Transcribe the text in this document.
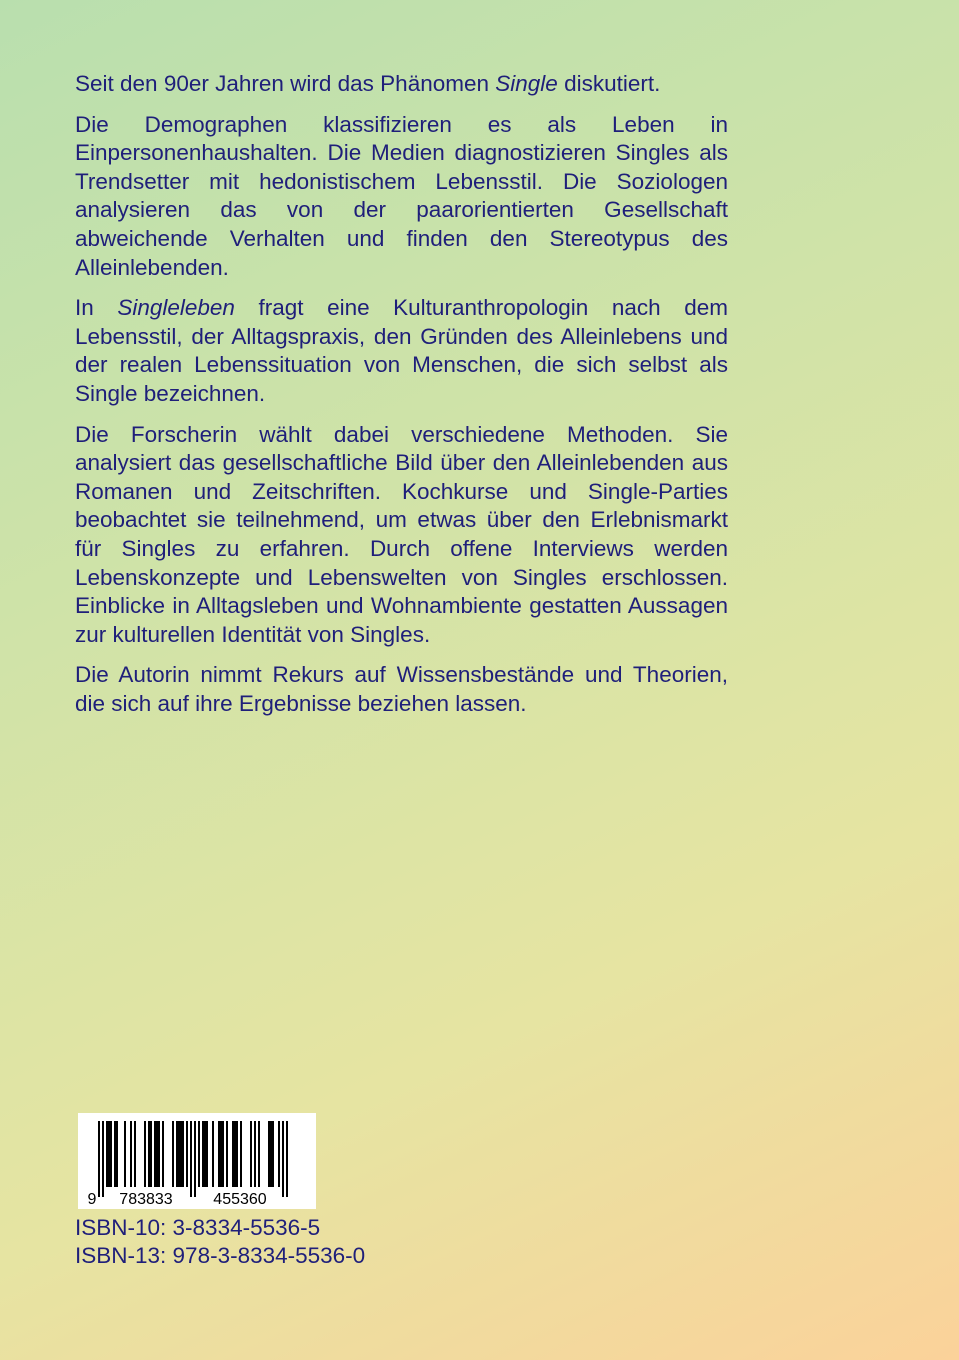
Seit den 90er Jahren wird das Phänomen Single diskutiert.

Die Demographen klassifizieren es als Leben in Einpersonenhaushalten. Die Medien diagnostizieren Singles als Trendsetter mit hedonistischem Lebensstil. Die Soziologen analysieren das von der paarorientierten Gesellschaft abweichende Verhalten und finden den Stereotypus des Alleinlebenden.

In Singleleben fragt eine Kulturanthropologin nach dem Lebensstil, der Alltagspraxis, den Gründen des Alleinlebens und der realen Lebenssituation von Menschen, die sich selbst als Single bezeichnen.

Die Forscherin wählt dabei verschiedene Methoden. Sie analysiert das gesellschaftliche Bild über den Alleinlebenden aus Romanen und Zeitschriften. Kochkurse und Single-Parties beobachtet sie teilnehmend, um etwas über den Erlebnismarkt für Singles zu erfahren. Durch offene Interviews werden Lebenskonzepte und Lebenswelten von Singles erschlossen. Einblicke in Alltagsleben und Wohnambiente gestatten Aussagen zur kulturellen Identität von Singles.

Die Autorin nimmt Rekurs auf Wissensbestände und Theorien, die sich auf ihre Ergebnisse beziehen lassen.

9 783833	455360
ISBN-10: 3-8334-5536-5
ISBN-13: 978-3-8334-5536-0
